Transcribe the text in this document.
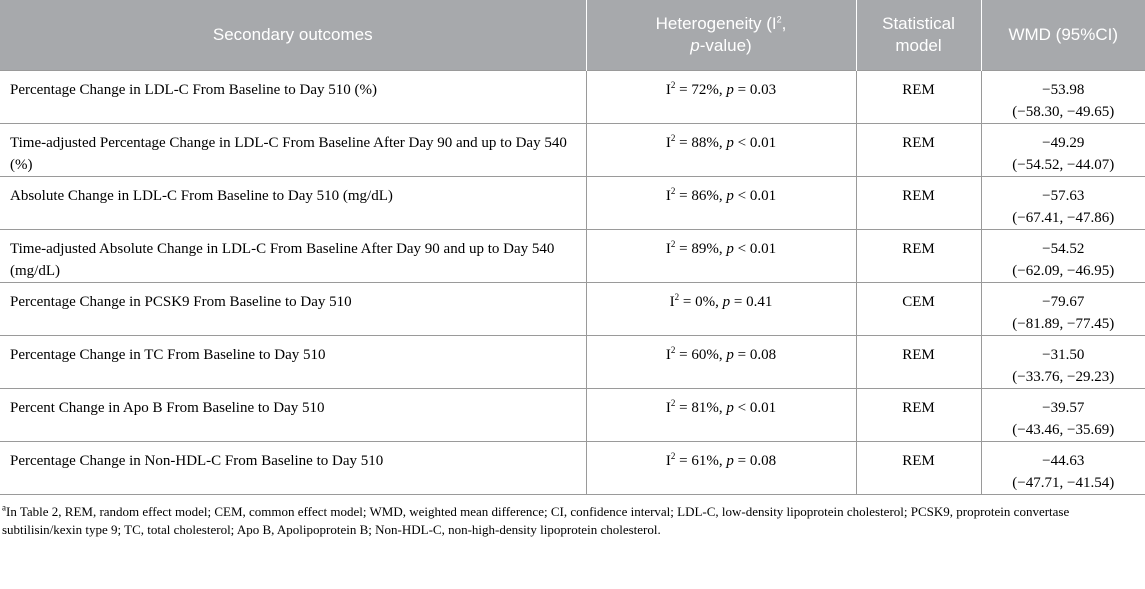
Secondary outcomes	Heterogeneity ($I^2$,
p-value)	Statistical model	WMD (95%CI)
Percentage Change in LDL-C From Baseline to Day 510 (%)	$I^2 = 72\%$, p = 0.03	REM	−53.98
(−58.30, −49.65)

Time-adjusted Percentage Change in LDL-C From Baseline After Day 90 and up to Day 540 (%)	$I^2 = 88\%$, p < 0.01	REM	−49.29
(−54.52, −44.07)

Absolute Change in LDL-C From Baseline to Day 510 (mg/dL)	$I^2 = 86\%$, p < 0.01	REM	−57.63
(−67.41, −47.86)

Time-adjusted Absolute Change in LDL-C From Baseline After Day 90 and up to Day 540 (mg/dL)	$I^2 = 89\%$, p < 0.01	REM	−54.52
(−62.09, −46.95)

Percentage Change in PCSK9 From Baseline to Day 510	$I^2 = 0\%$, p = 0.41	CEM	−79.67
(−81.89, −77.45)

Percentage Change in TC From Baseline to Day 510	$I^2 = 60\%$, p = 0.08	REM	−31.50
(−33.76, −29.23)

Percent Change in Apo B From Baseline to Day 510	$I^2 = 81\%$, p < 0.01	REM	−39.57
(−43.46, −35.69)

Percentage Change in Non-HDL-C From Baseline to Day 510	$I^2 = 61\%$, p = 0.08	REM	−44.63
(−47.71, −41.54)
$^a$In Table 2, REM, random effect model; CEM, common effect model; WMD, weighted mean difference; CI, confidence interval; LDL-C, low-density lipoprotein cholesterol; PCSK9, proprotein convertase subtilisin/kexin type 9; TC, total cholesterol; Apo B, Apolipoprotein B; Non-HDL-C, non-high-density lipoprotein cholesterol.
